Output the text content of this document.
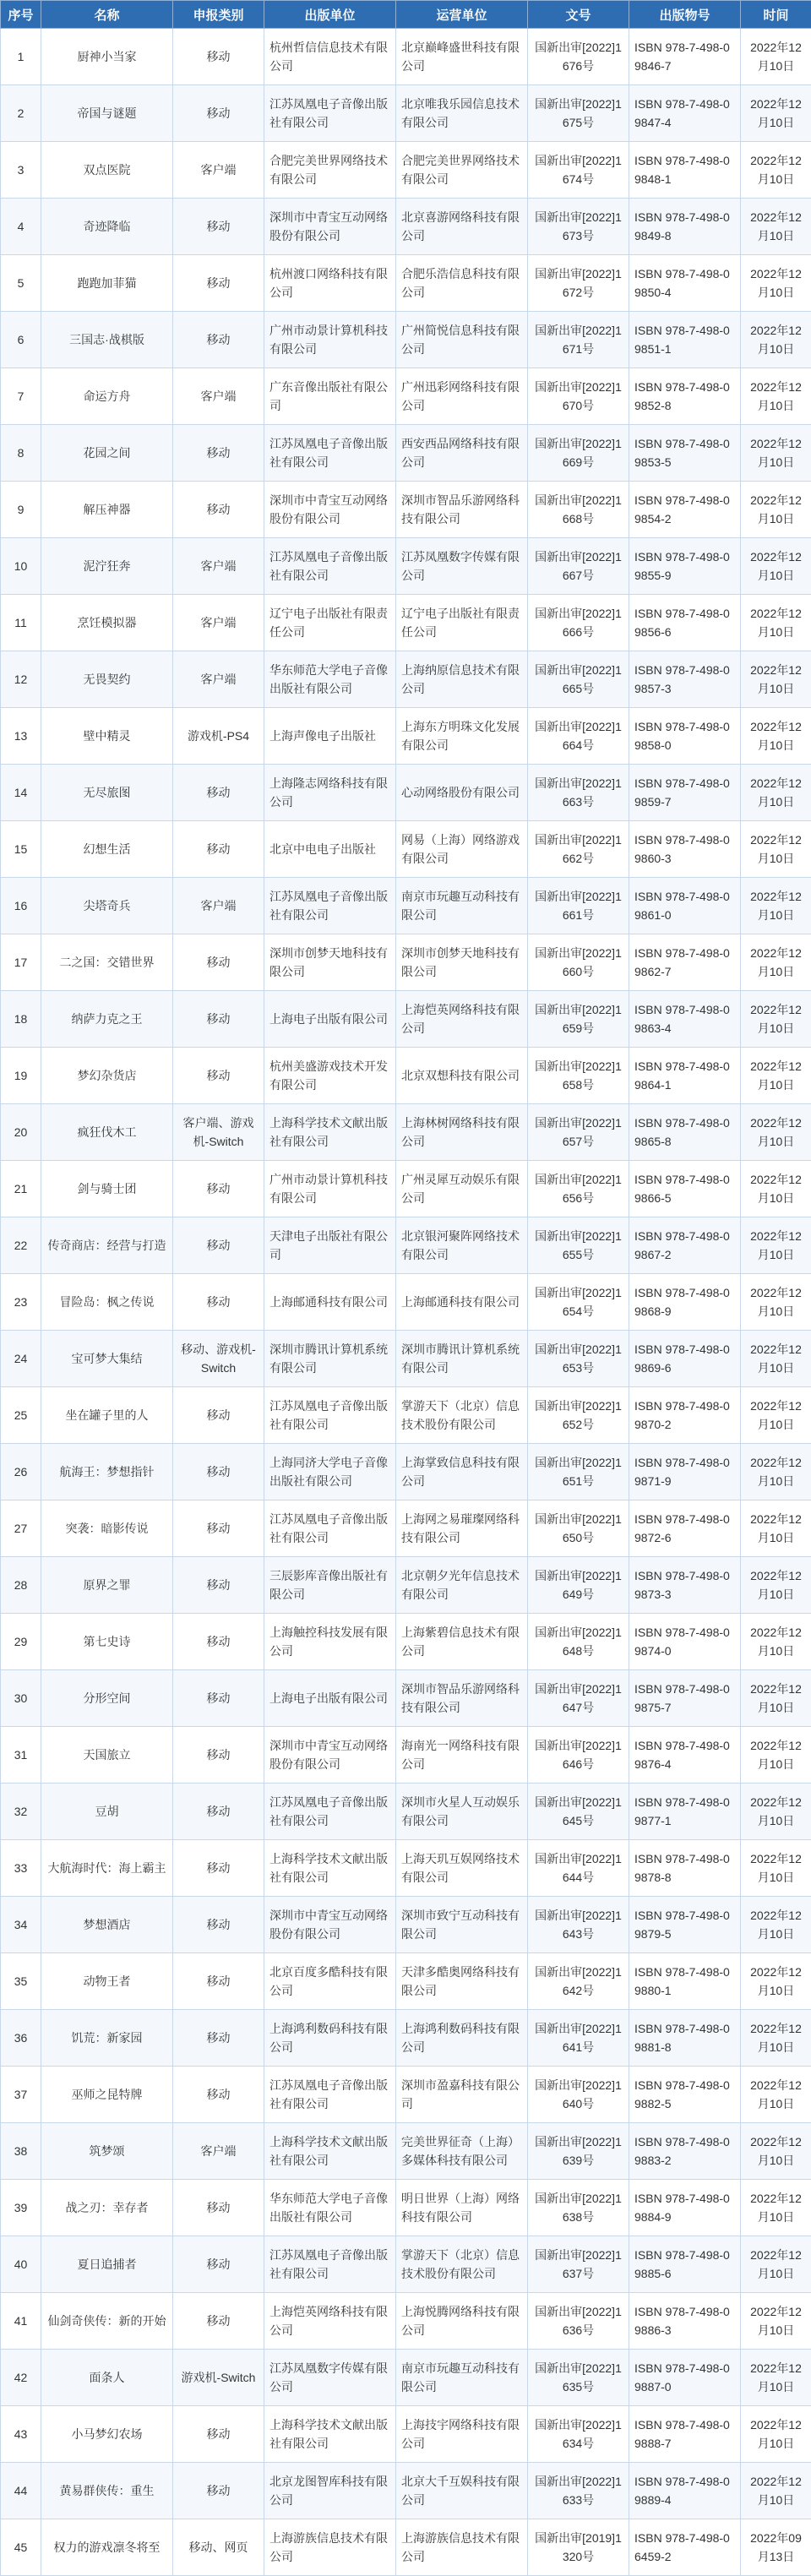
序号	名称	申报类别	出版单位	运营单位	文号	出版物号	时间
1	厨神小当家	移动	杭州哲信信息技术有限公司	北京巅峰盛世科技有限公司	国新出审[2022]1676号	ISBN 978-7-498-09846-7	2022年12月10日
2	帝国与谜题	移动	江苏凤凰电子音像出版社有限公司	北京唯我乐园信息技术有限公司	国新出审[2022]1675号	ISBN 978-7-498-09847-4	2022年12月10日
3	双点医院	客户端	合肥完美世界网络技术有限公司	合肥完美世界网络技术有限公司	国新出审[2022]1674号	ISBN 978-7-498-09848-1	2022年12月10日
4	奇迹降临	移动	深圳市中青宝互动网络股份有限公司	北京喜游网络科技有限公司	国新出审[2022]1673号	ISBN 978-7-498-09849-8	2022年12月10日
5	跑跑加菲猫	移动	杭州渡口网络科技有限公司	合肥乐浩信息科技有限公司	国新出审[2022]1672号	ISBN 978-7-498-09850-4	2022年12月10日
6	三国志·战棋版	移动	广州市动景计算机科技有限公司	广州简悦信息科技有限公司	国新出审[2022]1671号	ISBN 978-7-498-09851-1	2022年12月10日
7	命运方舟	客户端	广东音像出版社有限公司	广州迅彩网络科技有限公司	国新出审[2022]1670号	ISBN 978-7-498-09852-8	2022年12月10日
8	花园之间	移动	江苏凤凰电子音像出版社有限公司	西安西品网络科技有限公司	国新出审[2022]1669号	ISBN 978-7-498-09853-5	2022年12月10日
9	解压神器	移动	深圳市中青宝互动网络股份有限公司	深圳市智品乐游网络科技有限公司	国新出审[2022]1668号	ISBN 978-7-498-09854-2	2022年12月10日
10	泥泞狂奔	客户端	江苏凤凰电子音像出版社有限公司	江苏凤凰数字传媒有限公司	国新出审[2022]1667号	ISBN 978-7-498-09855-9	2022年12月10日
11	烹饪模拟器	客户端	辽宁电子出版社有限责任公司	辽宁电子出版社有限责任公司	国新出审[2022]1666号	ISBN 978-7-498-09856-6	2022年12月10日
12	无畏契约	客户端	华东师范大学电子音像出版社有限公司	上海纳原信息技术有限公司	国新出审[2022]1665号	ISBN 978-7-498-09857-3	2022年12月10日
13	壁中精灵	游戏机-PS4	上海声像电子出版社	上海东方明珠文化发展有限公司	国新出审[2022]1664号	ISBN 978-7-498-09858-0	2022年12月10日
14	无尽旅图	移动	上海隆志网络科技有限公司	心动网络股份有限公司	国新出审[2022]1663号	ISBN 978-7-498-09859-7	2022年12月10日
15	幻想生活	移动	北京中电电子出版社	网易（上海）网络游戏有限公司	国新出审[2022]1662号	ISBN 978-7-498-09860-3	2022年12月10日
16	尖塔奇兵	客户端	江苏凤凰电子音像出版社有限公司	南京市玩趣互动科技有限公司	国新出审[2022]1661号	ISBN 978-7-498-09861-0	2022年12月10日
17	二之国：交错世界	移动	深圳市创梦天地科技有限公司	深圳市创梦天地科技有限公司	国新出审[2022]1660号	ISBN 978-7-498-09862-7	2022年12月10日
18	纳萨力克之王	移动	上海电子出版有限公司	上海恺英网络科技有限公司	国新出审[2022]1659号	ISBN 978-7-498-09863-4	2022年12月10日
19	梦幻杂货店	移动	杭州美盛游戏技术开发有限公司	北京双想科技有限公司	国新出审[2022]1658号	ISBN 978-7-498-09864-1	2022年12月10日
20	疯狂伐木工	客户端、游戏机-Switch	上海科学技术文献出版社有限公司	上海林树网络科技有限公司	国新出审[2022]1657号	ISBN 978-7-498-09865-8	2022年12月10日
21	剑与骑士团	移动	广州市动景计算机科技有限公司	广州灵犀互动娱乐有限公司	国新出审[2022]1656号	ISBN 978-7-498-09866-5	2022年12月10日
22	传奇商店：经营与打造	移动	天津电子出版社有限公司	北京银河聚阵网络技术有限公司	国新出审[2022]1655号	ISBN 978-7-498-09867-2	2022年12月10日
23	冒险岛：枫之传说	移动	上海邮通科技有限公司	上海邮通科技有限公司	国新出审[2022]1654号	ISBN 978-7-498-09868-9	2022年12月10日
24	宝可梦大集结	移动、游戏机-Switch	深圳市腾讯计算机系统有限公司	深圳市腾讯计算机系统有限公司	国新出审[2022]1653号	ISBN 978-7-498-09869-6	2022年12月10日
25	坐在罐子里的人	移动	江苏凤凰电子音像出版社有限公司	掌游天下（北京）信息技术股份有限公司	国新出审[2022]1652号	ISBN 978-7-498-09870-2	2022年12月10日
26	航海王：梦想指针	移动	上海同济大学电子音像出版社有限公司	上海掌致信息科技有限公司	国新出审[2022]1651号	ISBN 978-7-498-09871-9	2022年12月10日
27	突袭：暗影传说	移动	江苏凤凰电子音像出版社有限公司	上海网之易璀璨网络科技有限公司	国新出审[2022]1650号	ISBN 978-7-498-09872-6	2022年12月10日
28	原界之罪	移动	三辰影库音像出版社有限公司	北京朝夕光年信息技术有限公司	国新出审[2022]1649号	ISBN 978-7-498-09873-3	2022年12月10日
29	第七史诗	移动	上海触控科技发展有限公司	上海紫碧信息技术有限公司	国新出审[2022]1648号	ISBN 978-7-498-09874-0	2022年12月10日
30	分形空间	移动	上海电子出版有限公司	深圳市智品乐游网络科技有限公司	国新出审[2022]1647号	ISBN 978-7-498-09875-7	2022年12月10日
31	天国旅立	移动	深圳市中青宝互动网络股份有限公司	海南光一网络科技有限公司	国新出审[2022]1646号	ISBN 978-7-498-09876-4	2022年12月10日
32	豆胡	移动	江苏凤凰电子音像出版社有限公司	深圳市火星人互动娱乐有限公司	国新出审[2022]1645号	ISBN 978-7-498-09877-1	2022年12月10日
33	大航海时代：海上霸主	移动	上海科学技术文献出版社有限公司	上海天玑互娱网络技术有限公司	国新出审[2022]1644号	ISBN 978-7-498-09878-8	2022年12月10日
34	梦想酒店	移动	深圳市中青宝互动网络股份有限公司	深圳市致宁互动科技有限公司	国新出审[2022]1643号	ISBN 978-7-498-09879-5	2022年12月10日
35	动物王者	移动	北京百度多酷科技有限公司	天津多酷奥网络科技有限公司	国新出审[2022]1642号	ISBN 978-7-498-09880-1	2022年12月10日
36	饥荒：新家园	移动	上海鸿利数码科技有限公司	上海鸿利数码科技有限公司	国新出审[2022]1641号	ISBN 978-7-498-09881-8	2022年12月10日
37	巫师之昆特牌	移动	江苏凤凰电子音像出版社有限公司	深圳市盈嘉科技有限公司	国新出审[2022]1640号	ISBN 978-7-498-09882-5	2022年12月10日
38	筑梦颂	客户端	上海科学技术文献出版社有限公司	完美世界征奇（上海）多媒体科技有限公司	国新出审[2022]1639号	ISBN 978-7-498-09883-2	2022年12月10日
39	战之刃：幸存者	移动	华东师范大学电子音像出版社有限公司	明日世界（上海）网络科技有限公司	国新出审[2022]1638号	ISBN 978-7-498-09884-9	2022年12月10日
40	夏日追捕者	移动	江苏凤凰电子音像出版社有限公司	掌游天下（北京）信息技术股份有限公司	国新出审[2022]1637号	ISBN 978-7-498-09885-6	2022年12月10日
41	仙剑奇侠传：新的开始	移动	上海恺英网络科技有限公司	上海悦腾网络科技有限公司	国新出审[2022]1636号	ISBN 978-7-498-09886-3	2022年12月10日
42	面条人	游戏机-Switch	江苏凤凰数字传媒有限公司	南京市玩趣互动科技有限公司	国新出审[2022]1635号	ISBN 978-7-498-09887-0	2022年12月10日
43	小马梦幻农场	移动	上海科学技术文献出版社有限公司	上海技宇网络科技有限公司	国新出审[2022]1634号	ISBN 978-7-498-09888-7	2022年12月10日
44	黄易群侠传：重生	移动	北京龙图智库科技有限公司	北京大千互娱科技有限公司	国新出审[2022]1633号	ISBN 978-7-498-09889-4	2022年12月10日
45	权力的游戏凛冬将至	移动、网页	上海游族信息技术有限公司	上海游族信息技术有限公司	国新出审[2019]1320号	ISBN 978-7-498-06459-2	2022年09月13日
